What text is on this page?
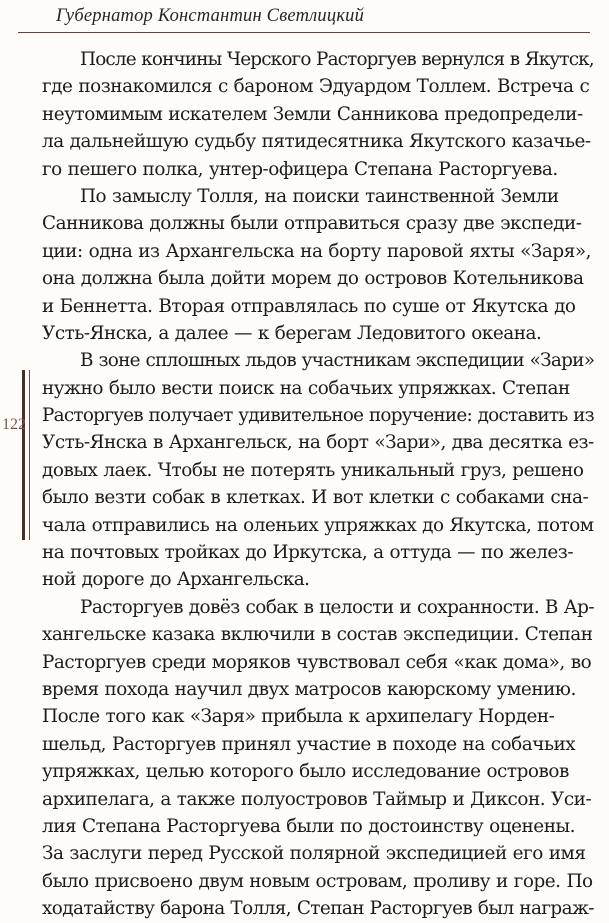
Губернатор Константин Светлицкий
122
После кончины Черского Расторгуев вернулся в Якутск,
где познакомился с бароном Эдуардом Толлем. Встреча с
неутомимым искателем Земли Санникова предопредели-
ла дальнейшую судьбу пятидесятника Якутского казачье-
го пешего полка, унтер-офицера Степана Расторгуева.
По замыслу Толля, на поиски таинственной Земли
Санникова должны были отправиться сразу две экспеди-
ции: одна из Архангельска на борту паровой яхты «Заря»,
она должна была дойти морем до островов Котельникова
и Беннетта. Вторая отправлялась по суше от Якутска до
Усть-Янска, а далее — к берегам Ледовитого океана.
В зоне сплошных льдов участникам экспедиции «Зари»
нужно было вести поиск на собачьих упряжках. Степан
Расторгуев получает удивительное поручение: доставить из
Усть-Янска в Архангельск, на борт «Зари», два десятка ез-
довых лаек. Чтобы не потерять уникальный груз, решено
было везти собак в клетках. И вот клетки с собаками сна-
чала отправились на оленьих упряжках до Якутска, потом
на почтовых тройках до Иркутска, а оттуда — по желез-
ной дороге до Архангельска.
Расторгуев довёз собак в целости и сохранности. В Ар-
хангельске казака включили в состав экспедиции. Степан
Расторгуев среди моряков чувствовал себя «как дома», во
время похода научил двух матросов каюрскому умению.
После того как «Заря» прибыла к архипелагу Норден-
шельд, Расторгуев принял участие в походе на собачьих
упряжках, целью которого было исследование островов
архипелага, а также полуостровов Таймыр и Диксон. Уси-
лия Степана Расторгуева были по достоинству оценены.
За заслуги перед Русской полярной экспедицией его имя
было присвоено двум новым островам, проливу и горе. По
ходатайству барона Толля, Степан Расторгуев был награж-
